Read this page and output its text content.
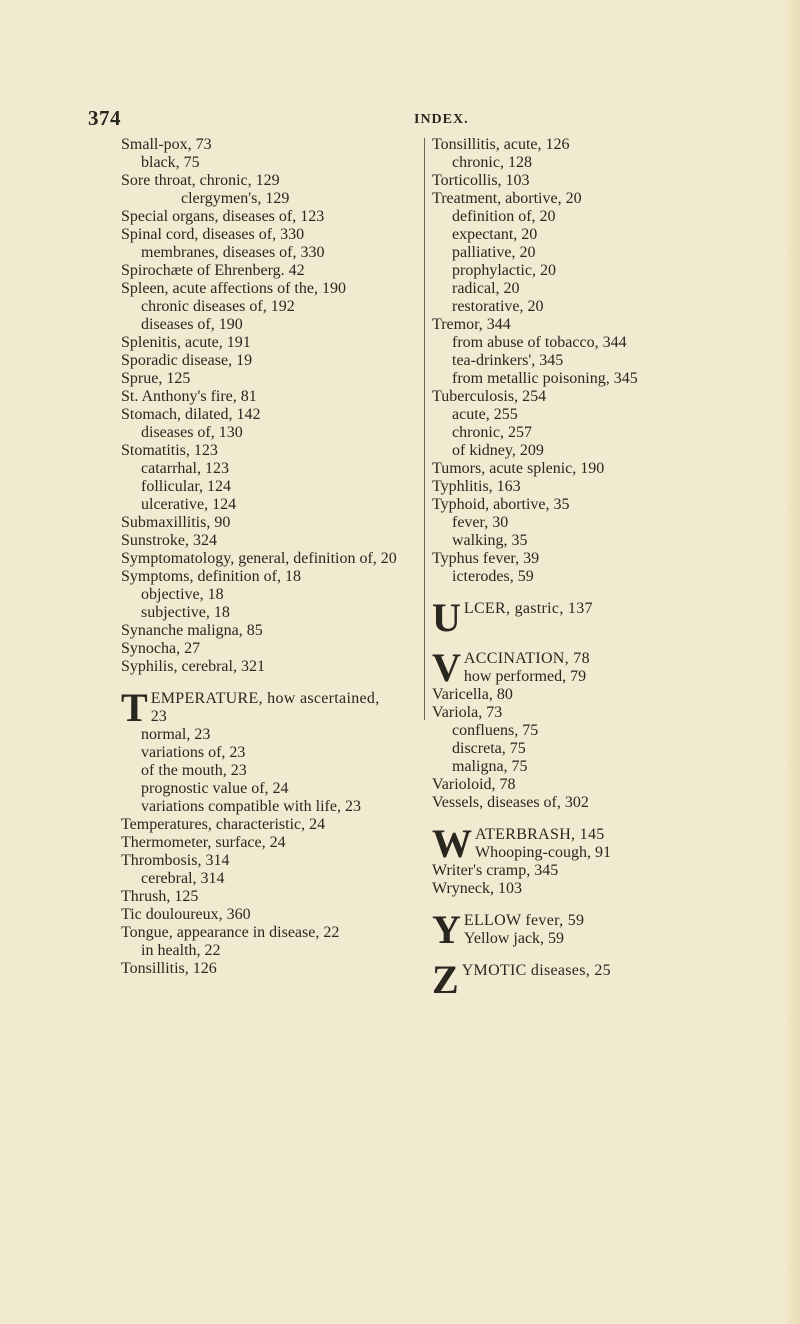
374	INDEX.
Small-pox, 73
black, 75
Sore throat, chronic, 129
clergymen's, 129
Special organs, diseases of, 123
Spinal cord, diseases of, 330
membranes, diseases of, 330
Spirochæte of Ehrenberg. 42
Spleen, acute affections of the, 190
chronic diseases of, 192
diseases of, 190
Splenitis, acute, 191
Sporadic disease, 19
Sprue, 125
St. Anthony's fire, 81
Stomach, dilated, 142
diseases of, 130
Stomatitis, 123
catarrhal, 123
follicular, 124
ulcerative, 124
Submaxillitis, 90
Sunstroke, 324
Symptomatology, general, definition of, 20
Symptoms, definition of, 18
objective, 18
subjective, 18
Synanche maligna, 85
Synocha, 27
Syphilis, cerebral, 321
T EMPERATURE, how ascertained,
23
normal, 23
variations of, 23
of the mouth, 23
prognostic value of, 24
variations compatible with life, 23
Temperatures, characteristic, 24
Thermometer, surface, 24
Thrombosis, 314
cerebral, 314
Thrush, 125
Tic douloureux, 360
Tongue, appearance in disease, 22
in health, 22
Tonsillitis, 126
Tonsillitis, acute, 126
chronic, 128
Torticollis, 103
Treatment, abortive, 20
definition of, 20
expectant, 20
palliative, 20
prophylactic, 20
radical, 20
restorative, 20
Tremor, 344
from abuse of tobacco, 344
tea-drinkers', 345
from metallic poisoning, 345
Tuberculosis, 254
acute, 255
chronic, 257
of kidney, 209
Tumors, acute splenic, 190
Typhlitis, 163
Typhoid, abortive, 35
fever, 30
walking, 35
Typhus fever, 39
icterodes, 59
U LCER, gastric, 137
V ACCINATION, 78
how performed, 79
Varicella, 80
Variola, 73
confluens, 75
discreta, 75
maligna, 75
Varioloid, 78
Vessels, diseases of, 302
W ATERBRASH, 145
Whooping-cough, 91
Writer's cramp, 345
Wryneck, 103
Y ELLOW fever, 59
Yellow jack, 59
Z YMOTIC diseases, 25
